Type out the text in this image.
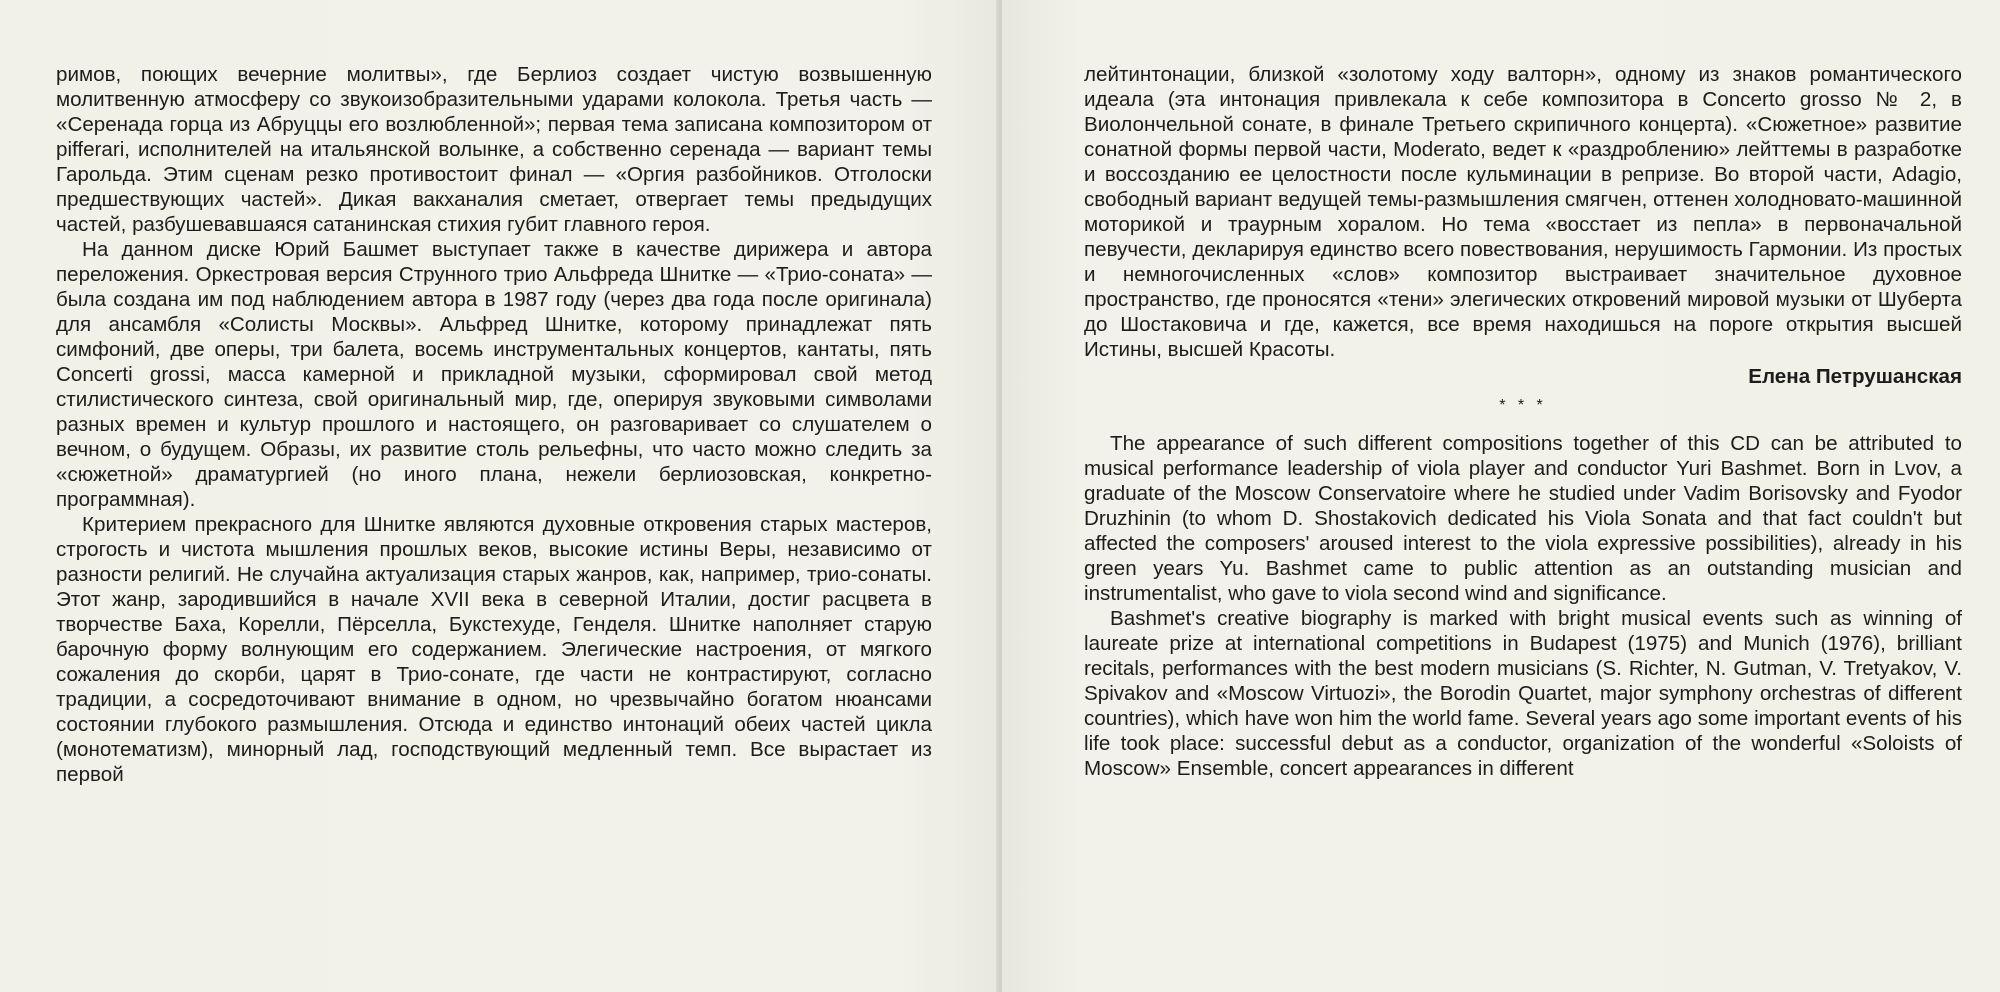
римов, поющих вечерние молитвы», где Берлиоз создает чистую возвышенную молитвенную атмосферу со звукоизобразительными ударами колокола. Третья часть — «Серенада горца из Абруццы его возлюбленной»; первая тема записана композитором от pifferari, исполнителей на итальянской волынке, а собственно серенада — вариант темы Гарольда. Этим сценам резко противостоит финал — «Оргия разбойников. Отголоски предшествующих частей». Дикая вакханалия сметает, отвергает темы предыдущих частей, разбушевавшаяся сатанинская стихия губит главного героя.

На данном диске Юрий Башмет выступает также в качестве дирижера и автора переложения. Оркестровая версия Струнного трио Альфреда Шнитке — «Трио-соната» — была создана им под наблюдением автора в 1987 году (через два года после оригинала) для ансамбля «Солисты Москвы». Альфред Шнитке, которому принадлежат пять симфоний, две оперы, три балета, восемь инструментальных концертов, кантаты, пять Concerti grossi, масса камерной и прикладной музыки, сформировал свой метод стилистического синтеза, свой оригинальный мир, где, оперируя звуковыми символами разных времен и культур прошлого и настоящего, он разговаривает со слушателем о вечном, о будущем. Образы, их развитие столь рельефны, что часто можно следить за «сюжетной» драматургией (но иного плана, нежели берлиозовская, конкретно-программная).

Критерием прекрасного для Шнитке являются духовные откровения старых мастеров, строгость и чистота мышления прошлых веков, высокие истины Веры, независимо от разности религий. Не случайна актуализация старых жанров, как, например, трио-сонаты. Этот жанр, зародившийся в начале XVII века в северной Италии, достиг расцвета в творчестве Баха, Корелли, Пёрселла, Букстехуде, Генделя. Шнитке наполняет старую барочную форму волнующим его содержанием. Элегические настроения, от мягкого сожаления до скорби, царят в Трио-сонате, где части не контрастируют, согласно традиции, а сосредоточивают внимание в одном, но чрезвычайно богатом нюансами состоянии глубокого размышления. Отсюда и единство интонаций обеих частей цикла (монотематизм), минорный лад, господствующий медленный темп. Все вырастает из первой

лейтинтонации, близкой «золотому ходу валторн», одному из знаков романтического идеала (эта интонация привлекала к себе композитора в Concerto grosso № 2, в Виолончельной сонате, в финале Третьего скрипичного концерта). «Сюжетное» развитие сонатной формы первой части, Moderato, ведет к «раздроблению» лейттемы в разработке и воссозданию ее целостности после кульминации в репризе. Во второй части, Adagio, свободный вариант ведущей темы-размышления смягчен, оттенен холодновато-машинной моторикой и траурным хоралом. Но тема «восстает из пепла» в первоначальной певучести, декларируя единство всего повествования, нерушимость Гармонии. Из простых и немногочисленных «слов» композитор выстраивает значительное духовное пространство, где проносятся «тени» элегических откровений мировой музыки от Шуберта до Шостаковича и где, кажется, все время находишься на пороге открытия высшей Истины, высшей Красоты.

Елена Петрушанская

* * *

The appearance of such different compositions together of this CD can be attributed to musical performance leadership of viola player and conductor Yuri Bashmet. Born in Lvov, a graduate of the Moscow Conservatoire where he studied under Vadim Borisovsky and Fyodor Druzhinin (to whom D. Shostakovich dedicated his Viola Sonata and that fact couldn't but affected the composers' aroused interest to the viola expressive possibilities), already in his green years Yu. Bashmet came to public attention as an outstanding musician and instrumentalist, who gave to viola second wind and significance.

Bashmet's creative biography is marked with bright musical events such as winning of laureate prize at international competitions in Budapest (1975) and Munich (1976), brilliant recitals, performances with the best modern musicians (S. Richter, N. Gutman, V. Tretyakov, V. Spivakov and «Moscow Virtuozi», the Borodin Quartet, major symphony orchestras of different countries), which have won him the world fame. Several years ago some important events of his life took place: successful debut as a conductor, organization of the wonderful «Soloists of Moscow» Ensemble, concert appearances in different
